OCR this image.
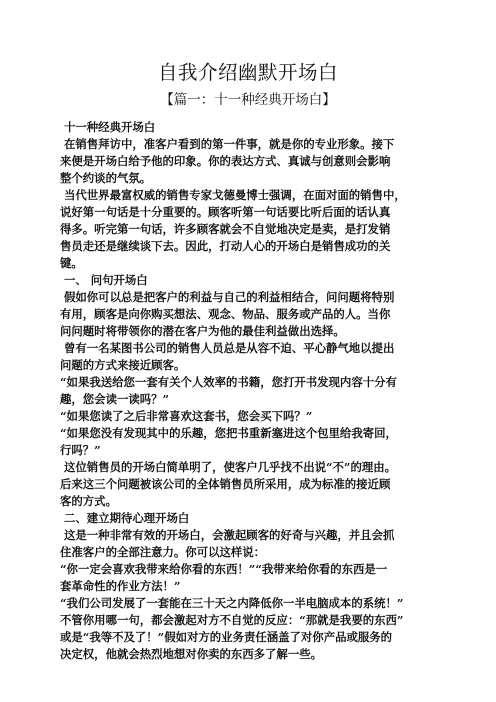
自我介绍幽默开场白
【篇一：十一种经典开场白】

十一种经典开场白

在销售拜访中，准客户看到的第一件事，就是你的专业形象。接下

来便是开场白给予他的印象。你的表达方式、真诚与创意则会影响

整个约谈的气氛。

当代世界最富权威的销售专家戈德曼博士强调，在面对面的销售中，

说好第一句话是十分重要的。顾客听第一句话要比听后面的话认真

得多。听完第一句话，许多顾客就会不自觉地决定是卖，是打发销

售员走还是继续谈下去。因此，打动人心的开场白是销售成功的关

键。

一、 问句开场白

假如你可以总是把客户的利益与自己的利益相结合，问问题将特别

有用，顾客是向你购买想法、观念、物品、服务或产品的人。当你

问问题时将带领你的潜在客户为他的最佳利益做出选择。

曾有一名某图书公司的销售人员总是从容不迫、平心静气地以提出

问题的方式来接近顾客。

“如果我送给您一套有关个人效率的书籍，您打开书发现内容十分有

趣，您会读一读吗？”

“如果您读了之后非常喜欢这套书，您会买下吗？”

“如果您没有发现其中的乐趣，您把书重新塞进这个包里给我寄回，

行吗？”

这位销售员的开场白简单明了，使客户几乎找不出说“不”的理由。

后来这三个问题被该公司的全体销售员所采用，成为标准的接近顾

客的方式。

二、建立期待心理开场白

这是一种非常有效的开场白，会激起顾客的好奇与兴趣，并且会抓

住准客户的全部注意力。你可以这样说：

“你一定会喜欢我带来给你看的东西！”“我带来给你看的东西是一

套革命性的作业方法！”

“我们公司发展了一套能在三十天之内降低你一半电脑成本的系统！”

不管你用哪一句，都会激起对方不自觉的反应：“那就是我要的东西”

或是“我等不及了！”假如对方的业务责任涵盖了对你产品或服务的

决定权，他就会热烈地想对你卖的东西多了解一些。
